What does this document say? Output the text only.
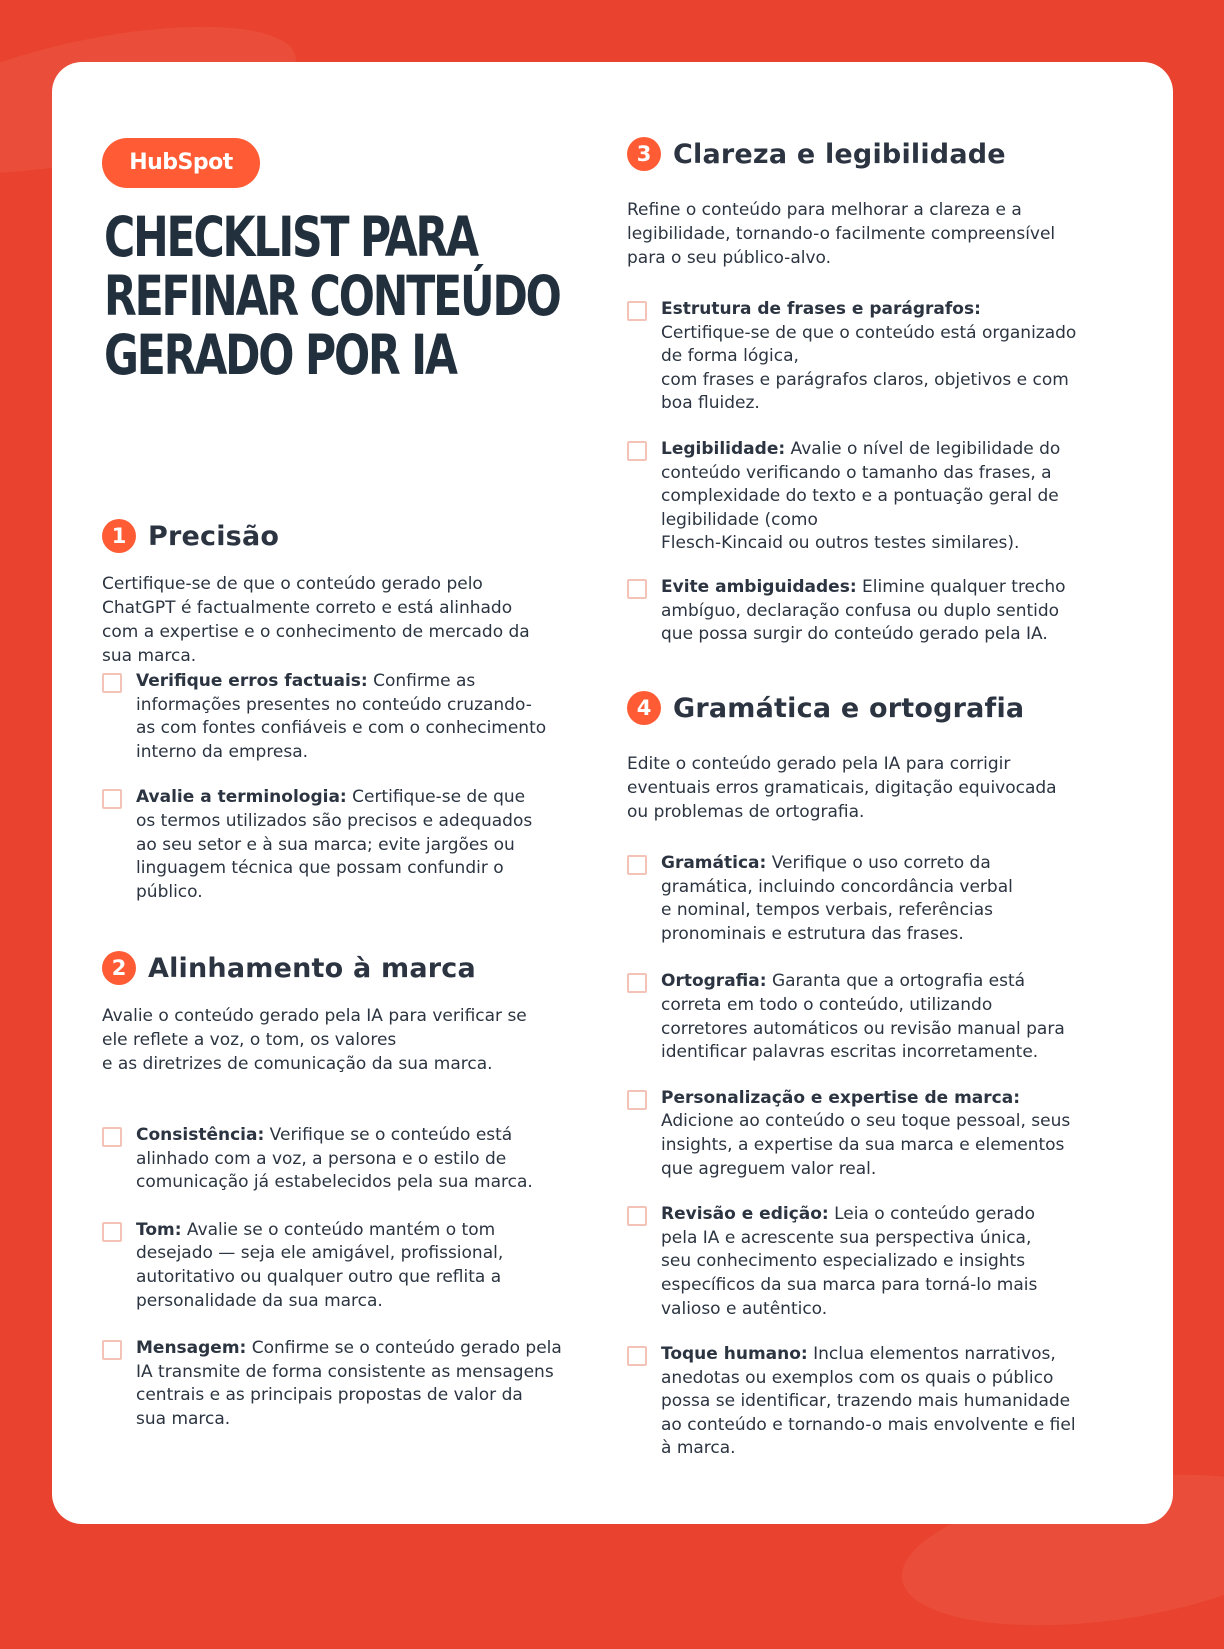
HubSpot
CHECKLIST PARA
REFINAR CONTEÚDO
GERADO POR IA
1 Precisão

Certifique-se de que o conteúdo gerado pelo
ChatGPT é factualmente correto e está alinhado
com a expertise e o conhecimento de mercado da
sua marca.

Verifique erros factuais: Confirme as
informações presentes no conteúdo cruzando-
as com fontes confiáveis e com o conhecimento
interno da empresa.
Avalie a terminologia: Certifique-se de que
os termos utilizados são precisos e adequados
ao seu setor e à sua marca; evite jargões ou
linguagem técnica que possam confundir o
público.
2 Alinhamento à marca

Avalie o conteúdo gerado pela IA para verificar se
ele reflete a voz, o tom, os valores
e as diretrizes de comunicação da sua marca.

Consistência: Verifique se o conteúdo está
alinhado com a voz, a persona e o estilo de
comunicação já estabelecidos pela sua marca.
Tom: Avalie se o conteúdo mantém o tom
desejado — seja ele amigável, profissional,
autoritativo ou qualquer outro que reflita a
personalidade da sua marca.
Mensagem: Confirme se o conteúdo gerado pela
IA transmite de forma consistente as mensagens
centrais e as principais propostas de valor da
sua marca.
3 Clareza e legibilidade

Refine o conteúdo para melhorar a clareza e a
legibilidade, tornando-o facilmente compreensível
para o seu público-alvo.

Estrutura de frases e parágrafos:
Certifique-se de que o conteúdo está organizado
de forma lógica,
com frases e parágrafos claros, objetivos e com
boa fluidez.
Legibilidade: Avalie o nível de legibilidade do
conteúdo verificando o tamanho das frases, a
complexidade do texto e a pontuação geral de
legibilidade (como
Flesch-Kincaid ou outros testes similares).
Evite ambiguidades: Elimine qualquer trecho
ambíguo, declaração confusa ou duplo sentido
que possa surgir do conteúdo gerado pela IA.
4 Gramática e ortografia

Edite o conteúdo gerado pela IA para corrigir
eventuais erros gramaticais, digitação equivocada
ou problemas de ortografia.

Gramática: Verifique o uso correto da
gramática, incluindo concordância verbal
e nominal, tempos verbais, referências
pronominais e estrutura das frases.
Ortografia: Garanta que a ortografia está
correta em todo o conteúdo, utilizando
corretores automáticos ou revisão manual para
identificar palavras escritas incorretamente.
Personalização e expertise de marca:
Adicione ao conteúdo o seu toque pessoal, seus
insights, a expertise da sua marca e elementos
que agreguem valor real.
Revisão e edição: Leia o conteúdo gerado
pela IA e acrescente sua perspectiva única,
seu conhecimento especializado e insights
específicos da sua marca para torná-lo mais
valioso e autêntico.
Toque humano: Inclua elementos narrativos,
anedotas ou exemplos com os quais o público
possa se identificar, trazendo mais humanidade
ao conteúdo e tornando-o mais envolvente e fiel
à marca.
